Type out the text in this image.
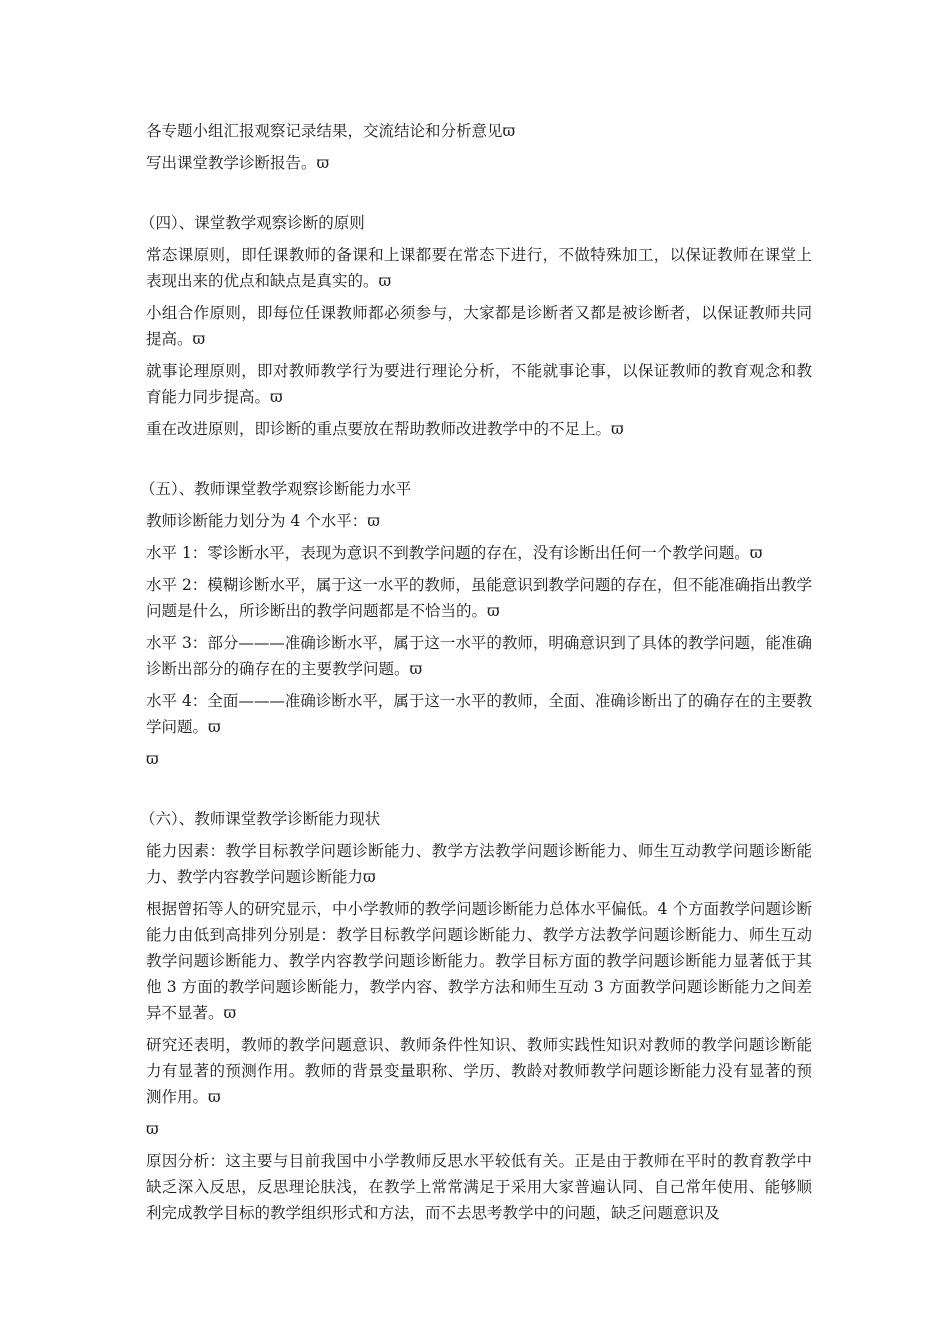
各专题小组汇报观察记录结果，交流结论和分析意见ϖ

写出课堂教学诊断报告。ϖ

（四）、课堂教学观察诊断的原则

常态课原则，即任课教师的备课和上课都要在常态下进行，不做特殊加工，以保证教师在课堂上表现出来的优点和缺点是真实的。ϖ

小组合作原则，即每位任课教师都必须参与，大家都是诊断者又都是被诊断者，以保证教师共同提高。ϖ

就事论理原则，即对教师教学行为要进行理论分析，不能就事论事，以保证教师的教育观念和教育能力同步提高。ϖ

重在改进原则，即诊断的重点要放在帮助教师改进教学中的不足上。ϖ

（五）、教师课堂教学观察诊断能力水平

教师诊断能力划分为 4 个水平：ϖ

水平 1：零诊断水平，表现为意识不到教学问题的存在，没有诊断出任何一个教学问题。ϖ

水平 2：模糊诊断水平，属于这一水平的教师，虽能意识到教学问题的存在，但不能准确指出教学问题是什么，所诊断出的教学问题都是不恰当的。ϖ

水平 3：部分———准确诊断水平，属于这一水平的教师，明确意识到了具体的教学问题，能准确诊断出部分的确存在的主要教学问题。ϖ

水平 4：全面———准确诊断水平，属于这一水平的教师，全面、准确诊断出了的确存在的主要教学问题。ϖ

ϖ

（六）、教师课堂教学诊断能力现状

能力因素：教学目标教学问题诊断能力、教学方法教学问题诊断能力、师生互动教学问题诊断能力、教学内容教学问题诊断能力ϖ

根据曾拓等人的研究显示，中小学教师的教学问题诊断能力总体水平偏低。4 个方面教学问题诊断能力由低到高排列分别是：教学目标教学问题诊断能力、教学方法教学问题诊断能力、师生互动教学问题诊断能力、教学内容教学问题诊断能力。教学目标方面的教学问题诊断能力显著低于其他 3 方面的教学问题诊断能力，教学内容、教学方法和师生互动 3 方面教学问题诊断能力之间差异不显著。ϖ

研究还表明，教师的教学问题意识、教师条件性知识、教师实践性知识对教师的教学问题诊断能力有显著的预测作用。教师的背景变量职称、学历、教龄对教师教学问题诊断能力没有显著的预测作用。ϖ

ϖ

原因分析：这主要与目前我国中小学教师反思水平较低有关。正是由于教师在平时的教育教学中缺乏深入反思，反思理论肤浅，在教学上常常满足于采用大家普遍认同、自己常年使用、能够顺利完成教学目标的教学组织形式和方法，而不去思考教学中的问题，缺乏问题意识及
